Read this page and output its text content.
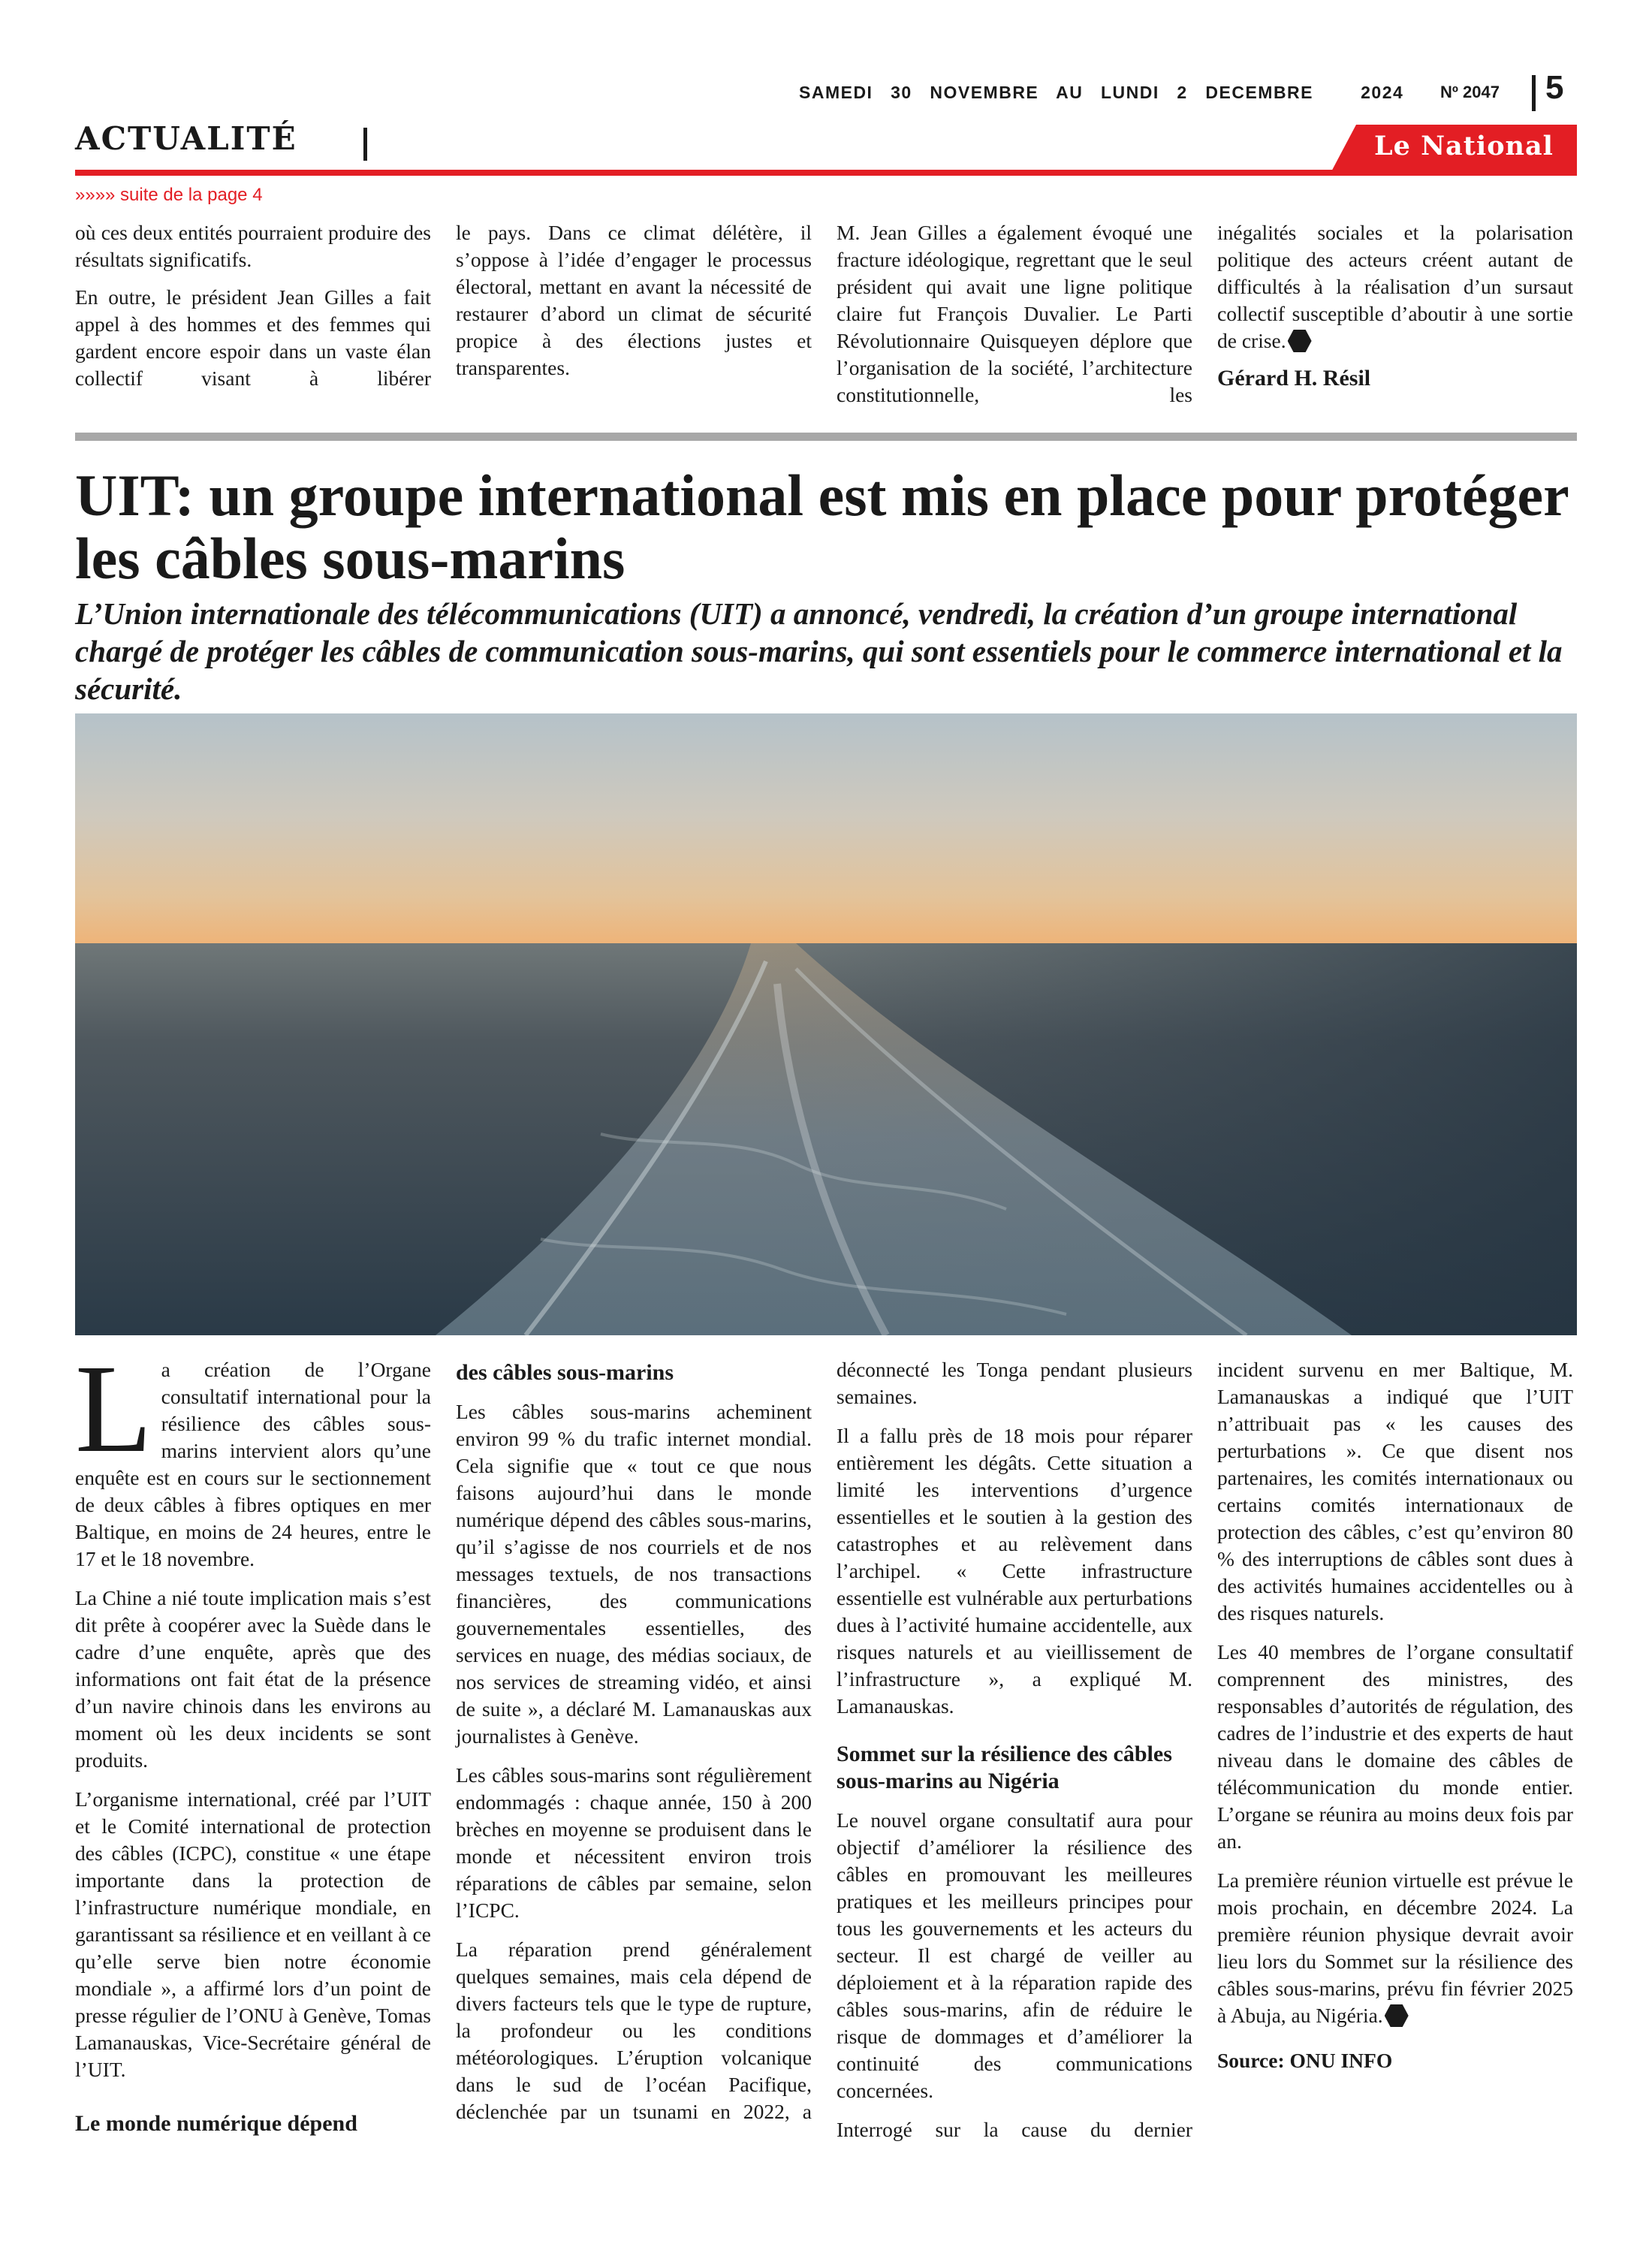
SAMEDI   30   NOVEMBRE   AU   LUNDI   2   DECEMBRE        2024 Nº 2047 5
ACTUALITÉ	Le National
»»»» suite de la page 4

où ces deux entités pourraient produire des résultats significatifs.

En outre, le président Jean Gilles a fait appel à des hommes et des femmes qui gardent encore espoir dans un vaste élan collectif visant à libérer

le pays. Dans ce climat délétère, il s’oppose à l’idée d’engager le processus électoral, mettant en avant la nécessité de restaurer d’abord un climat de sécurité propice à des élections justes et transparentes.

M. Jean Gilles a également évoqué une fracture idéologique, regrettant que le seul président qui avait une ligne politique claire fut François Duvalier. Le Parti Révolutionnaire Quisqueyen déplore que l’organisation de la société, l’architecture constitutionnelle, les

inégalités sociales et la polarisation politique des acteurs créent autant de difficultés à la réalisation d’un sursaut collectif susceptible d’aboutir à une sortie de crise.

Gérard H. Résil

UIT: un groupe international est mis en place pour protéger les câbles sous-marins
L’Union internationale des télécommunications (UIT) a annoncé, vendredi, la création d’un groupe international chargé de protéger les câbles de communication sous-marins, qui sont essentiels pour le commerce international et la sécurité.

La création de l’Organe consultatif international pour la résilience des câbles sous-marins intervient alors qu’une enquête est en cours sur le sectionnement de deux câbles à fibres optiques en mer Baltique, en moins de 24 heures, entre le 17 et le 18 novembre.

La Chine a nié toute implication mais s’est dit prête à coopérer avec la Suède dans le cadre d’une enquête, après que des informations ont fait état de la présence d’un navire chinois dans les environs au moment où les deux incidents se sont produits.

L’organisme international, créé par l’UIT et le Comité international de protection des câbles (ICPC), constitue « une étape importante dans la protection de l’infrastructure numérique mondiale, en garantissant sa résilience et en veillant à ce qu’elle serve bien notre économie mondiale », a affirmé lors d’un point de presse régulier de l’ONU à Genève, Tomas Lamanauskas, Vice-Secrétaire général de l’UIT.

Le monde numérique dépend

des câbles sous-marins

Les câbles sous-marins acheminent environ 99 % du trafic internet mondial. Cela signifie que « tout ce que nous faisons aujourd’hui dans le monde numérique dépend des câbles sous-marins, qu’il s’agisse de nos courriels et de nos messages textuels, de nos transactions financières, des communications gouvernementales essentielles, des services en nuage, des médias sociaux, de nos services de streaming vidéo, et ainsi de suite », a déclaré M. Lamanauskas aux journalistes à Genève.

Les câbles sous-marins sont régulièrement endommagés : chaque année, 150 à 200 brèches en moyenne se produisent dans le monde et nécessitent environ trois réparations de câbles par semaine, selon l’ICPC.

La réparation prend généralement quelques semaines, mais cela dépend de divers facteurs tels que le type de rupture, la profondeur ou les conditions météorologiques. L’éruption volcanique dans le sud de l’océan Pacifique, déclenchée par un tsunami en 2022, a

déconnecté les Tonga pendant plusieurs semaines.

Il a fallu près de 18 mois pour réparer entièrement les dégâts. Cette situation a limité les interventions d’urgence essentielles et le soutien à la gestion des catastrophes et au relèvement dans l’archipel. « Cette infrastructure essentielle est vulnérable aux perturbations dues à l’activité humaine accidentelle, aux risques naturels et au vieillissement de l’infrastructure », a expliqué M. Lamanauskas.

Sommet sur la résilience des câbles sous-marins au Nigéria

Le nouvel organe consultatif aura pour objectif d’améliorer la résilience des câbles en promouvant les meilleures pratiques et les meilleurs principes pour tous les gouvernements et les acteurs du secteur. Il est chargé de veiller au déploiement et à la réparation rapide des câbles sous-marins, afin de réduire le risque de dommages et d’améliorer la continuité des communications concernées.

Interrogé sur la cause du dernier

incident survenu en mer Baltique, M. Lamanauskas a indiqué que l’UIT n’attribuait pas « les causes des perturbations ». Ce que disent nos partenaires, les comités internationaux ou certains comités internationaux de protection des câbles, c’est qu’environ 80 % des interruptions de câbles sont dues à des activités humaines accidentelles ou à des risques naturels.

Les 40 membres de l’organe consultatif comprennent des ministres, des responsables d’autorités de régulation, des cadres de l’industrie et des experts de haut niveau dans le domaine des câbles de télécommunication du monde entier. L’organe se réunira au moins deux fois par an.

La première réunion virtuelle est prévue le mois prochain, en décembre 2024. La première réunion physique devrait avoir lieu lors du Sommet sur la résilience des câbles sous-marins, prévu fin février 2025 à Abuja, au Nigéria.

Source: ONU INFO
